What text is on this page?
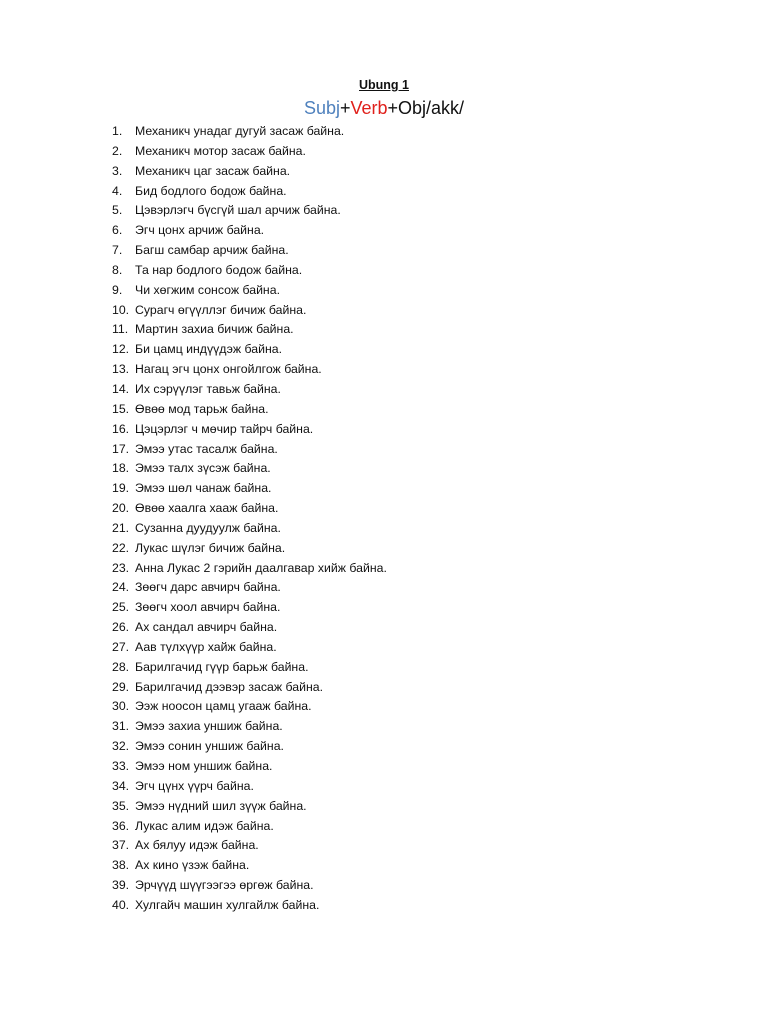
Ubung 1
Subj+Verb+Obj/akk/
1.	Механикч унадаг дугуй засаж байна.
2.	Механикч мотор засаж байна.
3.	Механикч цаг засаж байна.
4.	Бид бодлого бодож байна.
5.	Цэвэрлэгч бүсгүй шал арчиж байна.
6.	Эгч цонх арчиж байна.
7.	Багш самбар арчиж байна.
8.	Та нар бодлого бодож байна.
9.	Чи хөгжим сонсож байна.
10. Сурагч өгүүллэг бичиж байна.
11. Мартин захиа бичиж байна.
12. Би цамц индүүдэж байна.
13. Нагац эгч цонх онгойлгож байна.
14. Их сэрүүлэг тавьж байна.
15. Өвөө мод тарьж байна.
16. Цэцэрлэг ч мөчир тайрч байна.
17. Эмээ утас тасалж байна.
18. Эмээ талх зүсэж байна.
19. Эмээ шөл чанаж байна.
20. Өвөө хаалга хааж байна.
21. Сузанна дуудуулж байна.
22. Лукас шүлэг бичиж байна.
23. Анна Лукас 2 гэрийн даалгавар хийж байна.
24. Зөөгч дарс авчирч байна.
25. Зөөгч хоол авчирч байна.
26. Ах сандал авчирч байна.
27. Аав түлхүүр хайж байна.
28. Барилгачид гүүр барьж байна.
29. Барилгачид дээвэр засаж байна.
30. Ээж ноосон цамц угааж байна.
31. Эмээ захиа уншиж байна.
32. Эмээ сонин уншиж байна.
33. Эмээ ном уншиж байна.
34. Эгч цүнх үүрч байна.
35. Эмээ нүдний шил зүүж байна.
36. Лукас алим идэж байна.
37. Ах бялуу идэж байна.
38. Ах кино үзэж байна.
39. Эрчүүд шүүгээгээ өргөж байна.
40. Хулгайч машин хулгайлж байна.
